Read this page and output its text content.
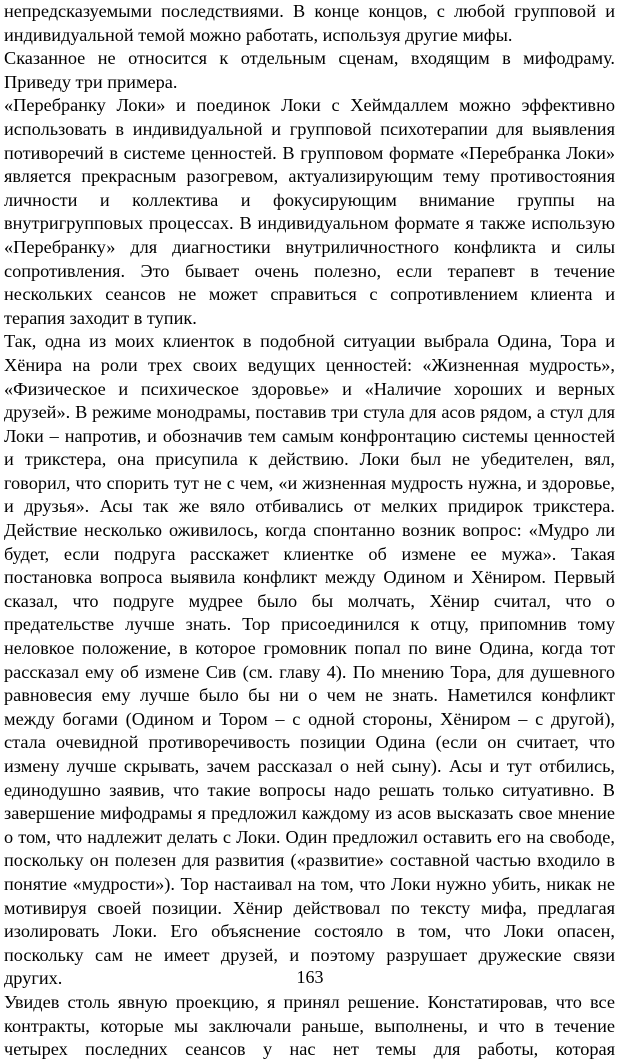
непредсказуемыми последствиями. В конце концов, с любой групповой и индивидуальной темой можно работать, используя другие мифы.

Сказанное не относится к отдельным сценам, входящим в мифодраму. Приведу три примера.

«Перебранку Локи» и поединок Локи с Хеймдаллем можно эффективно использовать в индивидуальной и групповой психотерапии для выявления потиворечий в системе ценностей. В групповом формате «Перебранка Локи» является прекрасным разогревом, актуализирующим тему противостояния личности и коллектива и фокусирующим внимание группы на внутригрупповых процессах. В индивидуальном формате я также использую «Перебранку» для диагностики внутриличностного конфликта и силы сопротивления. Это бывает очень полезно, если терапевт в течение нескольких сеансов не может справиться с сопротивлением клиента и терапия заходит в тупик.

Так, одна из моих клиенток в подобной ситуации выбрала Одина, Тора и Хёнира на роли трех своих ведущих ценностей: «Жизненная мудрость», «Физическое и психическое здоровье» и «Наличие хороших и верных друзей». В режиме монодрамы, поставив три стула для асов рядом, а стул для Локи – напротив, и обозначив тем самым конфронтацию системы ценностей и трикстера, она присупила к действию. Локи был не убедителен, вял, говорил, что спорить тут не с чем, «и жизненная мудрость нужна, и здоровье, и друзья». Асы так же вяло отбивались от мелких придирок трикстера. Действие несколько оживилось, когда спонтанно возник вопрос: «Мудро ли будет, если подруга расскажет клиентке об измене ее мужа». Такая постановка вопроса выявила конфликт между Одином и Хёниром. Первый сказал, что подруге мудрее было бы молчать, Хёнир считал, что о предательстве лучше знать. Тор присоединился к отцу, припомнив тому неловкое положение, в которое громовник попал по вине Одина, когда тот рассказал ему об измене Сив (см. главу 4). По мнению Тора, для душевного равновесия ему лучше было бы ни о чем не знать. Наметился конфликт между богами (Одином и Тором – с одной стороны, Хёниром – с другой), стала очевидной противоречивость позиции Одина (если он считает, что измену лучше скрывать, зачем рассказал о ней сыну). Асы и тут отбились, единодушно заявив, что такие вопросы надо решать только ситуативно. В завершение мифодрамы я предложил каждому из асов высказать свое мнение о том, что надлежит делать с Локи. Один предложил оставить его на свободе, поскольку он полезен для развития («развитие» составной частью входило в понятие «мудрости»). Тор настаивал на том, что Локи нужно убить, никак не мотивируя своей позиции. Хёнир действовал по тексту мифа, предлагая изолировать Локи. Его объяснение состояло в том, что Локи опасен, поскольку сам не имеет друзей, и поэтому разрушает дружеские связи других.

Увидев столь явную проекцию, я принял решение. Констатировав, что все контракты, которые мы заключали раньше, выполнены, и что в течение четырех последних сеансов у нас нет темы для работы, которая

163
